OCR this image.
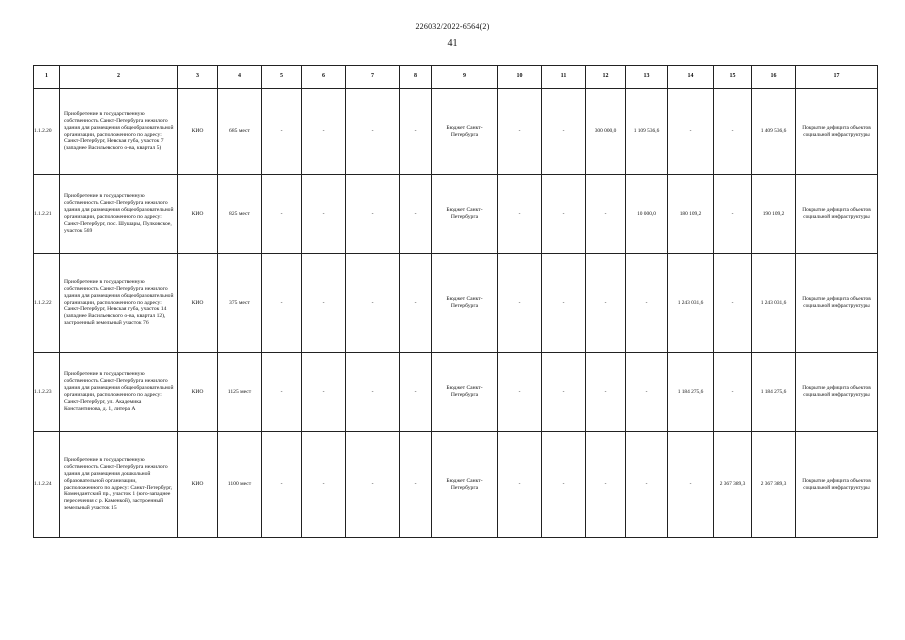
226032/2022-6564(2)
41
1	2	3	4	5	6	7	8	9	10	11	12	13	14	15	16	17
1.1.2.20	Приобретение в государственную собственность Санкт-Петербурга нежилого здания для размещения общеобразовательной организации, расположенного по адресу: Санкт-Петербург, Невская губа, участок 7 (западнее Васильевского о-ва, квартал 5)	КИО	685 мест	-	-	-	-	Бюджет Санкт-Петербурга	-	-	300 000,0	1 109 536,6	-	-	1 409 536,6	Покрытие дефицита объектов социальной инфраструктуры
1.1.2.21	Приобретение в государственную собственность Санкт-Петербурга нежилого здания для размещения общеобразовательной организации, расположенного по адресу: Санкт-Петербург, пос. Шушары, Пулковское, участок 569	КИО	825 мест	-	-	-	-	Бюджет Санкт-Петербурга	-	-	-	10 000,0	180 109,2	-	190 109,2	Покрытие дефицита объектов социальной инфраструктуры
1.1.2.22	Приобретение в государственную собственность Санкт-Петербурга нежилого здания для размещения общеобразовательной организации, расположенного по адресу: Санкт-Петербург, Невская губа, участок 14 (западнее Васильевского о-ва, квартал 12), застроенный земельный участок 76	КИО	375 мест	-	-	-	-	Бюджет Санкт-Петербурга	-	-	-	-	1 243 031,6	-	1 243 031,6	Покрытие дефицита объектов социальной инфраструктуры
1.1.2.23	Приобретение в государственную собственность Санкт-Петербурга нежилого здания для размещения общеобразовательной организации, расположенного по адресу: Санкт-Петербург, ул. Академика Константинова, д. 1, литера А	КИО	1125 мест	-	-	-	-	Бюджет Санкт-Петербурга	-	-	-	-	1 184 275,6	-	1 184 275,6	Покрытие дефицита объектов социальной инфраструктуры
1.1.2.24	Приобретение в государственную собственность Санкт-Петербурга нежилого здания для размещения дошкольной образовательной организации, расположенного по адресу: Санкт-Петербург, Комендантский пр., участок 1 (юго-западнее пересечения с р. Каменкой), застроенный земельный участок 15	КИО	1100 мест	-	-	-	-	Бюджет Санкт-Петербурга	-	-	-	-	-	2 367 389,3	2 367 389,3	Покрытие дефицита объектов социальной инфраструктуры
